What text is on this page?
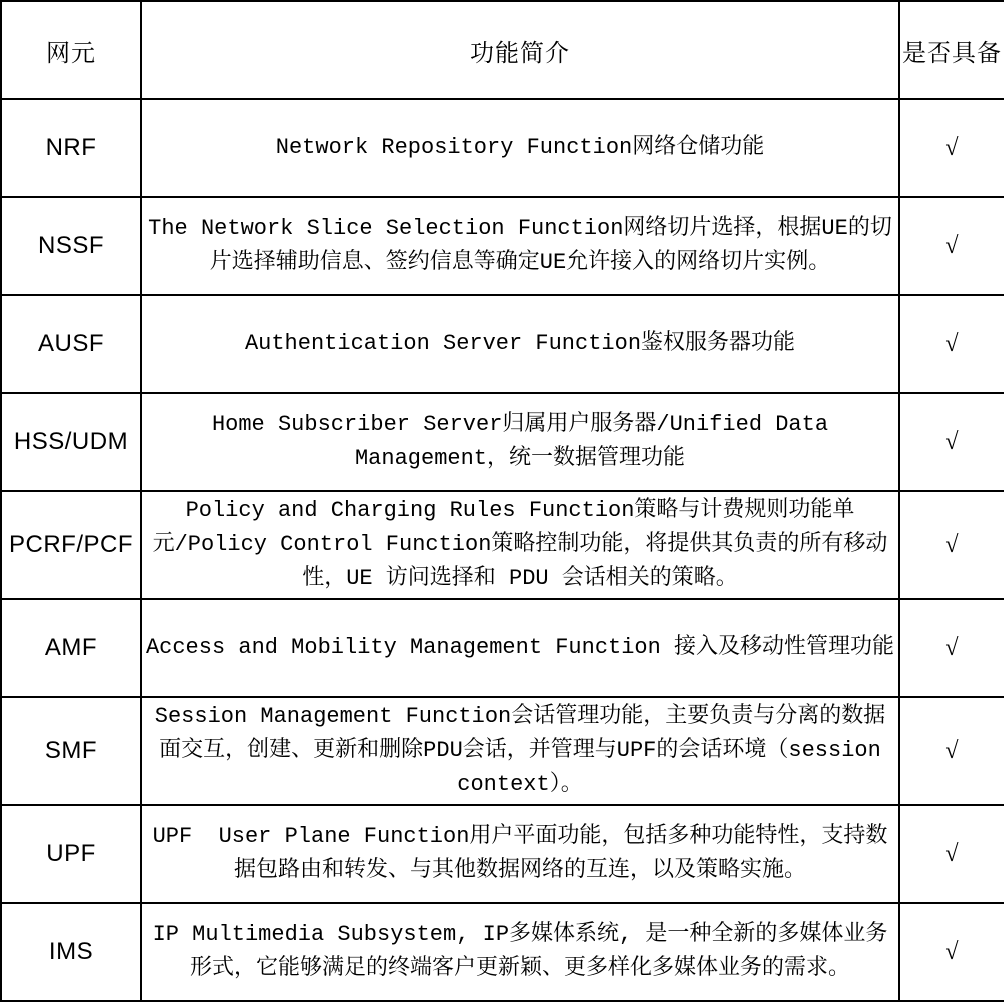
网元	功能简介	是否具备
NRF	Network Repository Function网络仓储功能	√
NSSF	The Network Slice Selection Function网络切片选择，根据UE的切片选择辅助信息、签约信息等确定UE允许接入的网络切片实例。	√
AUSF	Authentication Server Function鉴权服务器功能	√
HSS/UDM	Home Subscriber Server归属用户服务器/Unified Data Management，统一数据管理功能	√
PCRF/PCF	Policy and Charging Rules Function策略与计费规则功能单元/Policy Control Function策略控制功能，将提供其负责的所有移动性，UE 访问选择和 PDU 会话相关的策略。	√
AMF	Access and Mobility Management Function 接入及移动性管理功能	√
SMF	Session Management Function会话管理功能，主要负责与分离的数据面交互，创建、更新和删除PDU会话，并管理与UPF的会话环境（session context）。	√
UPF	UPF  User Plane Function用户平面功能，包括多种功能特性，支持数据包路由和转发、与其他数据网络的互连，以及策略实施。	√
IMS	IP Multimedia Subsystem, IP多媒体系统, 是一种全新的多媒体业务形式，它能够满足的终端客户更新颖、更多样化多媒体业务的需求。	√
